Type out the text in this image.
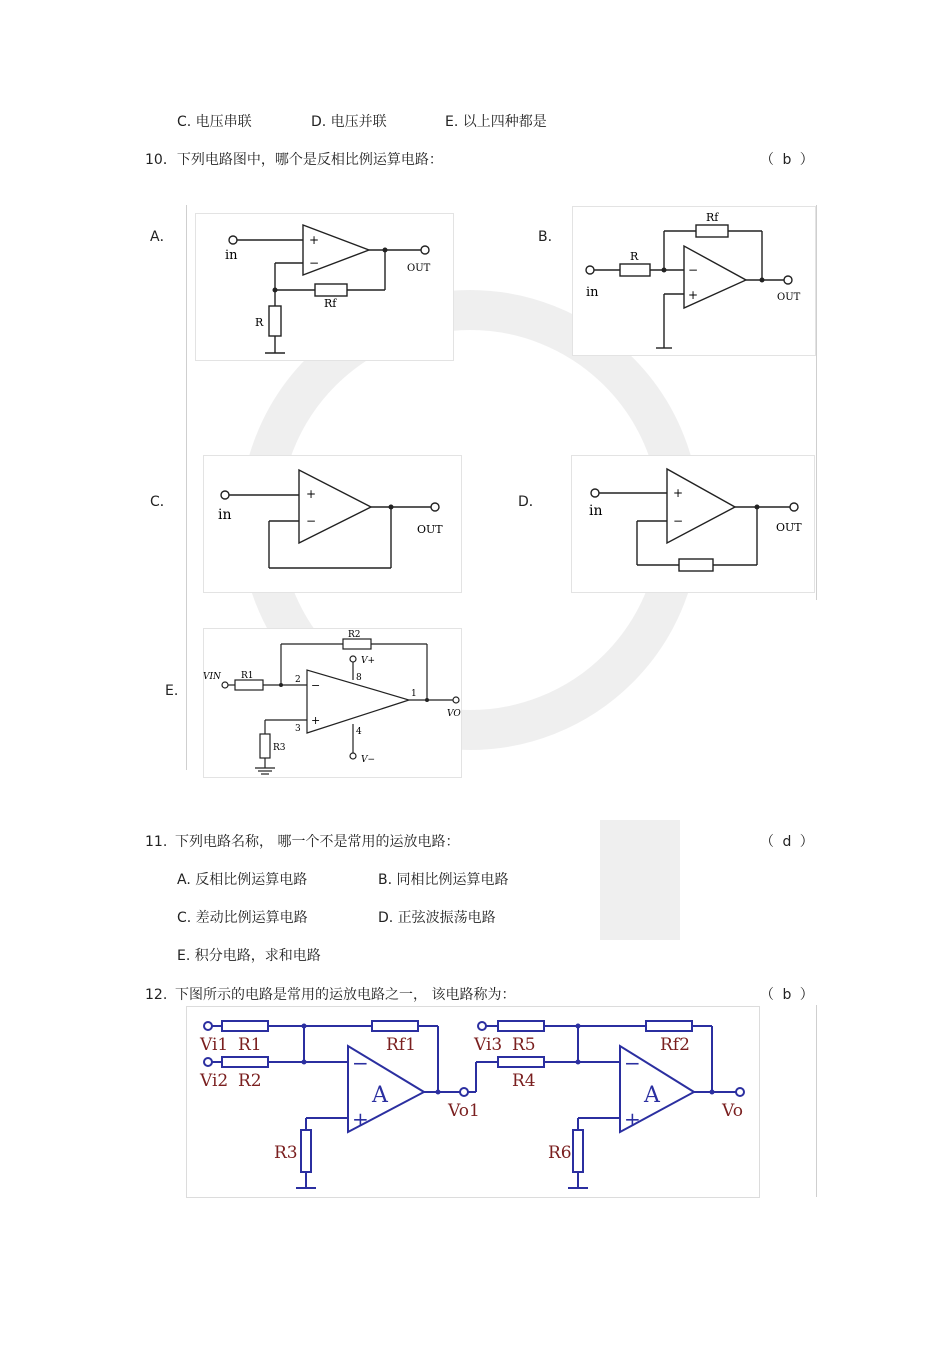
C. 电压串联	D. 电压并联	E. 以上四种都是
10．下列电路图中，哪个是反相比例运算电路：	（ b ）
A．	B.
C．	D．
E.
in
OUT
Rf
R
+
−
in	OUT
R
Rf
−
+
in
OUT
+
−
in
OUT
+
−
VIN R1
R2
R3
V+
V−
VO
1
2
3	4
8
−
+
11. 下列电路名称， 哪一个不是常用的运放电路：	（ d ）
A. 反相比例运算电路	B. 同相比例运算电路
C. 差动比例运算电路	D. 正弦波振荡电路
E. 积分电路，求和电路
12. 下图所示的电路是常用的运放电路之一， 该电路称为：	（ b ）
Vi1
Vi2
R1
R2
R3
Rf1
Vo1
Vi3 R5
R4
R6
Rf2
Vo
A	A
−
+
−
+
